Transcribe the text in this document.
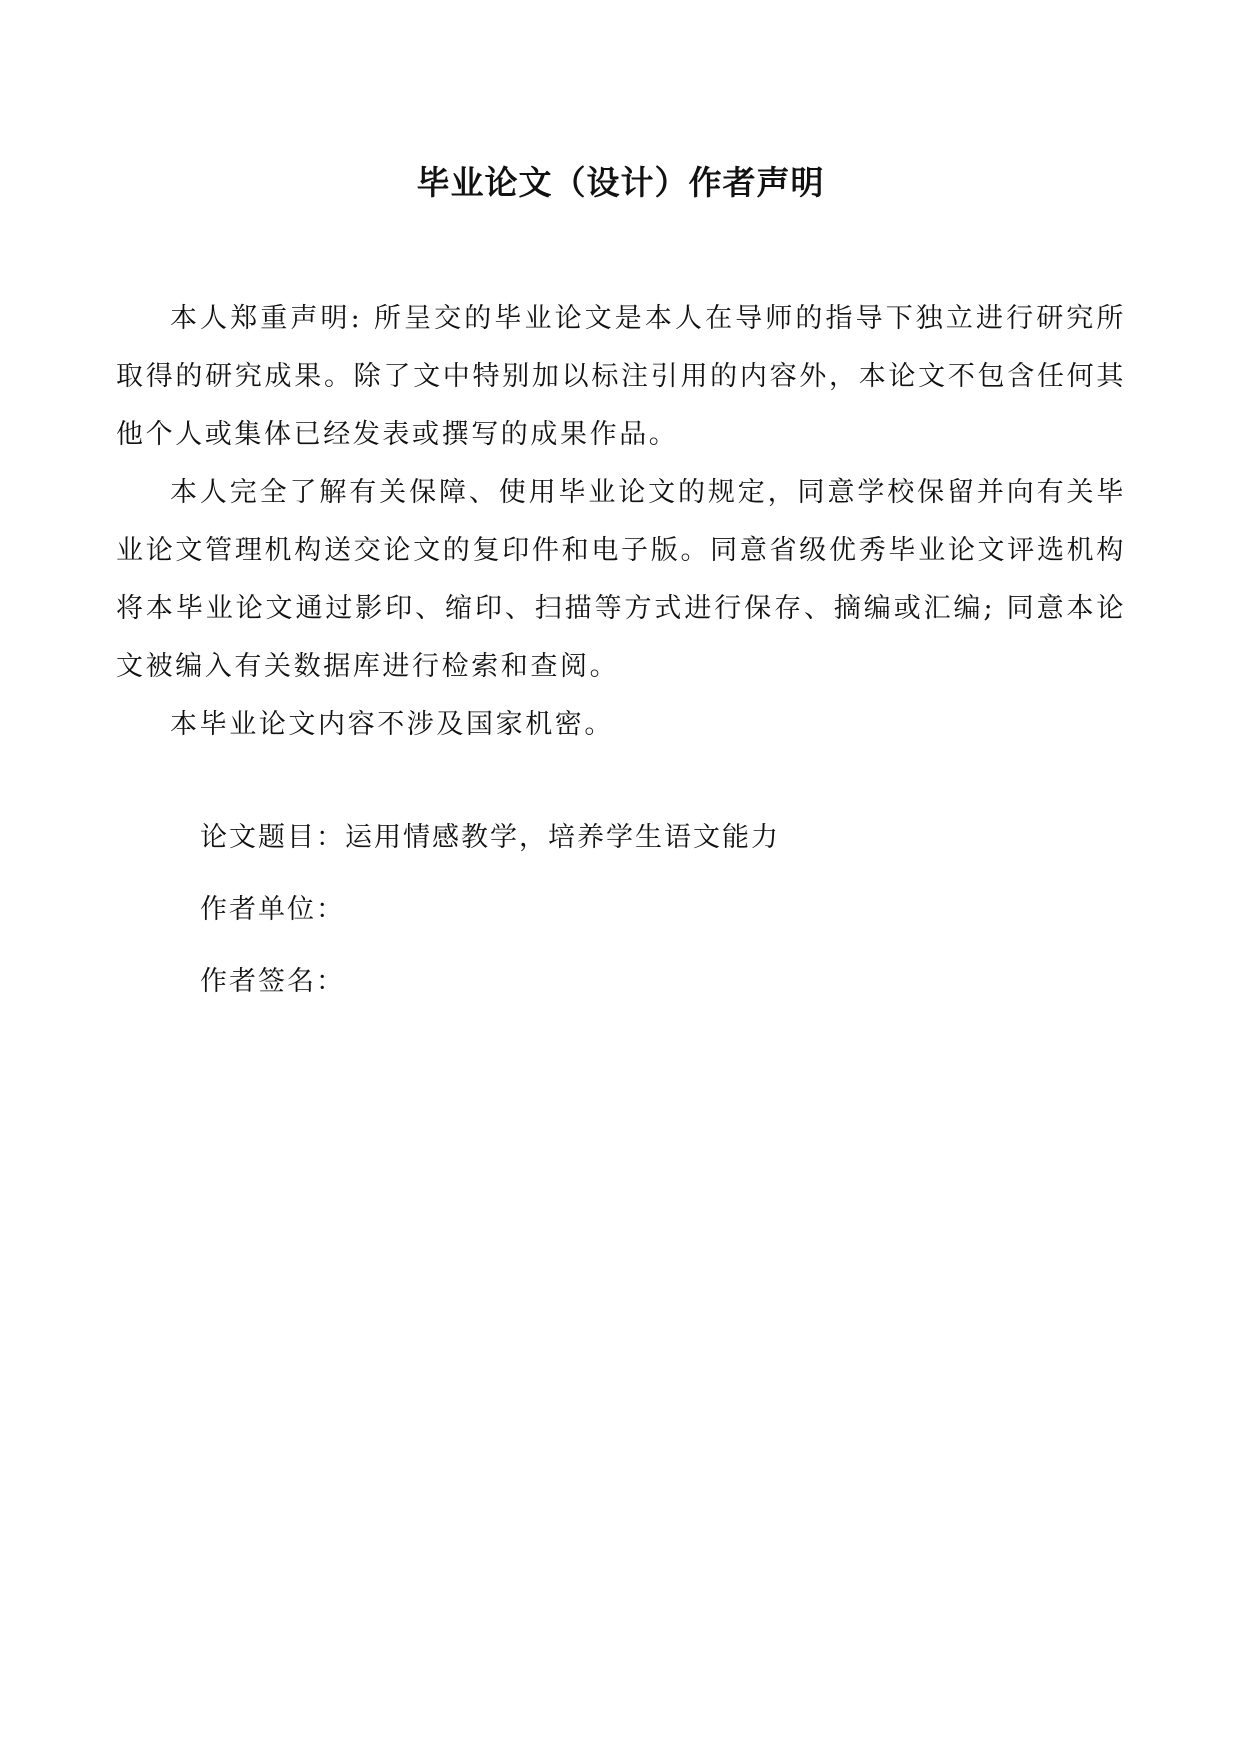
毕业论文（设计）作者声明

本人郑重声明: 所呈交的毕业论文是本人在导师的指导下独立进行研究所取得的研究成果。除了文中特别加以标注引用的内容外，本论文不包含任何其他个人或集体已经发表或撰写的成果作品。

本人完全了解有关保障、使用毕业论文的规定，同意学校保留并向有关毕业论文管理机构送交论文的复印件和电子版。同意省级优秀毕业论文评选机构将本毕业论文通过影印、缩印、扫描等方式进行保存、摘编或汇编; 同意本论文被编入有关数据库进行检索和查阅。

本毕业论文内容不涉及国家机密。

论文题目：运用情感教学，培养学生语文能力
作者单位：
作者签名：
